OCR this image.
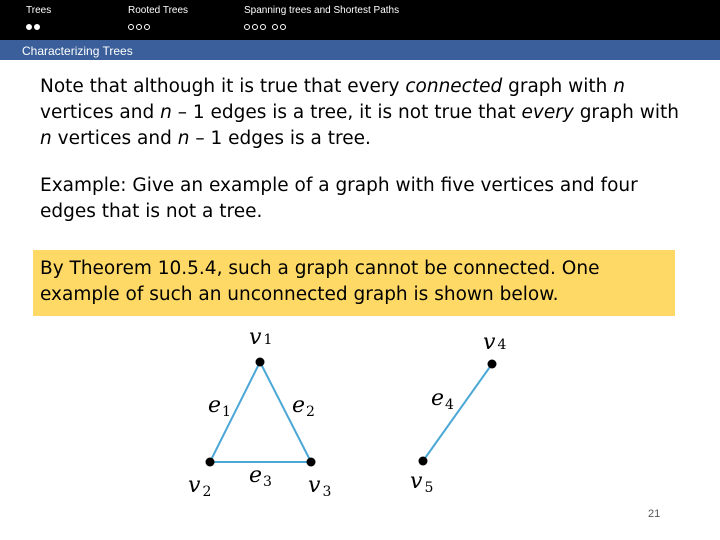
Trees	Rooted Trees	Spanning trees and Shortest Paths
Characterizing Trees

Note that although it is true that every connected graph with n vertices and n – 1 edges is a tree, it is not true that every graph with n vertices and n – 1 edges is a tree.

Example: Give an example of a graph with five vertices and four edges that is not a tree.

By Theorem 10.5.4, such a graph cannot be connected. One example of such an unconnected graph is shown below.

v 1
v 2	v 3
v 4
v 5
e1	e2
e3
e4
21
